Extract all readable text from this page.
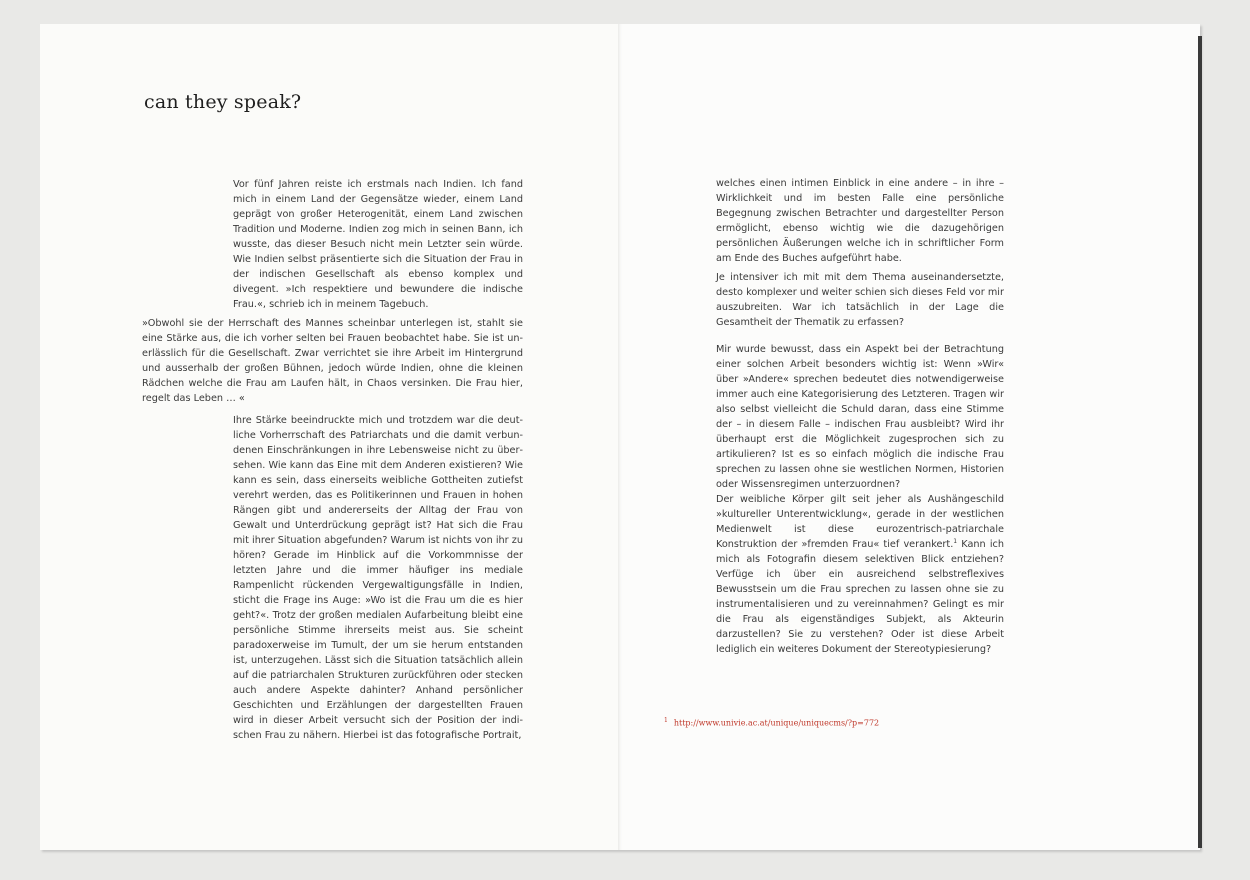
can they speak?

Vor fünf Jahren reiste ich erstmals nach Indien. Ich fand mich in einem Land der Gegensätze wieder, einem Land geprägt von großer Heterogenität, einem Land zwischen Tradition und Moderne. Indien zog mich in seinen Bann, ich wusste, das dieser Besuch nicht mein Letzter sein würde. Wie Indien selbst präsentierte sich die Situation der Frau in der indischen Gesellschaft als ebenso komplex und divegent. »Ich respektiere und bewundere die indische Frau.«, schrieb ich in meinem Tagebuch.

»Obwohl sie der Herrschaft des Mannes scheinbar unterlegen ist, stahlt sie eine Stärke aus, die ich vorher selten bei Frauen beobachtet habe. Sie ist unerlässlich für die Gesellschaft. Zwar verrichtet sie ihre Arbeit im Hintergrund und ausserhalb der großen Bühnen, jedoch würde Indien, ohne die kleinen Rädchen welche die Frau am Laufen hält, in Chaos versinken. Die Frau hier, regelt das Leben … «

Ihre Stärke beeindruckte mich und trotzdem war die deutliche Vorherrschaft des Patriarchats und die damit verbundenen Einschränkungen in ihre Lebensweise nicht zu übersehen. Wie kann das Eine mit dem Anderen existieren? Wie kann es sein, dass einerseits weibliche Gottheiten zutiefst verehrt werden, das es Politikerinnen und Frauen in hohen Rängen gibt und andererseits der Alltag der Frau von Gewalt und Unterdrückung geprägt ist? Hat sich die Frau mit ihrer Situation abgefunden? Warum ist nichts von ihr zu hören? Gerade im Hinblick auf die Vorkommnisse der letzten Jahre und die immer häufiger ins mediale Rampenlicht rückenden Vergewaltigungsfälle in Indien, sticht die Frage ins Auge: »Wo ist die Frau um die es hier geht?«. Trotz der großen medialen Aufarbeitung bleibt eine persönliche Stimme ihrerseits meist aus. Sie scheint paradoxerweise im Tumult, der um sie herum entstanden ist, unterzugehen. Lässt sich die Situation tatsächlich allein auf die patriarchalen Strukturen zurückführen oder stecken auch andere Aspekte dahinter? Anhand persönlicher Geschichten und Erzählungen der dargestellten Frauen wird in dieser Arbeit versucht sich der Position der indischen Frau zu nähern. Hierbei ist das fotografische Portrait,

welches einen intimen Einblick in eine andere – in ihre – Wirklichkeit und im besten Falle eine persönliche Begegnung zwischen Betrachter und dargestellter Person ermöglicht, ebenso wichtig wie die dazugehörigen persönlichen Äußerungen welche ich in schriftlicher Form am Ende des Buches aufgeführt habe.

Je intensiver ich mit mit dem Thema auseinandersetzte, desto komplexer und weiter schien sich dieses Feld vor mir auszubreiten. War ich tatsächlich in der Lage die Gesamtheit der Thematik zu erfassen?

Mir wurde bewusst, dass ein Aspekt bei der Betrachtung einer solchen Arbeit besonders wichtig ist: Wenn »Wir« über »Andere« sprechen bedeutet dies notwendigerweise immer auch eine Kategorisierung des Letzteren. Tragen wir also selbst vielleicht die Schuld daran, dass eine Stimme der – in diesem Falle – indischen Frau ausbleibt? Wird ihr überhaupt erst die Möglichkeit zugesprochen sich zu artikulieren? Ist es so einfach möglich die indische Frau sprechen zu lassen ohne sie westlichen Normen, Historien oder Wissensregimen unterzuordnen?

Der weibliche Körper gilt seit jeher als Aushängeschild »kultureller Unterentwicklung«, gerade in der westlichen Medienwelt ist diese eurozentrisch-patriarchale Konstruktion der »fremden Frau« tief verankert.$^1$ Kann ich mich als Fotografin diesem selektiven Blick entziehen? Verfüge ich über ein ausreichend selbstreflexives Bewusstsein um die Frau sprechen zu lassen ohne sie zu instrumentalisieren und zu vereinnahmen? Gelingt es mir die Frau als eigenständiges Subjekt, als Akteurin darzustellen? Sie zu verstehen? Oder ist diese Arbeit lediglich ein weiteres Dokument der Stereotypiesierung?

$^1$ http://www.univie.ac.at/unique/uniquecms/?p=772
